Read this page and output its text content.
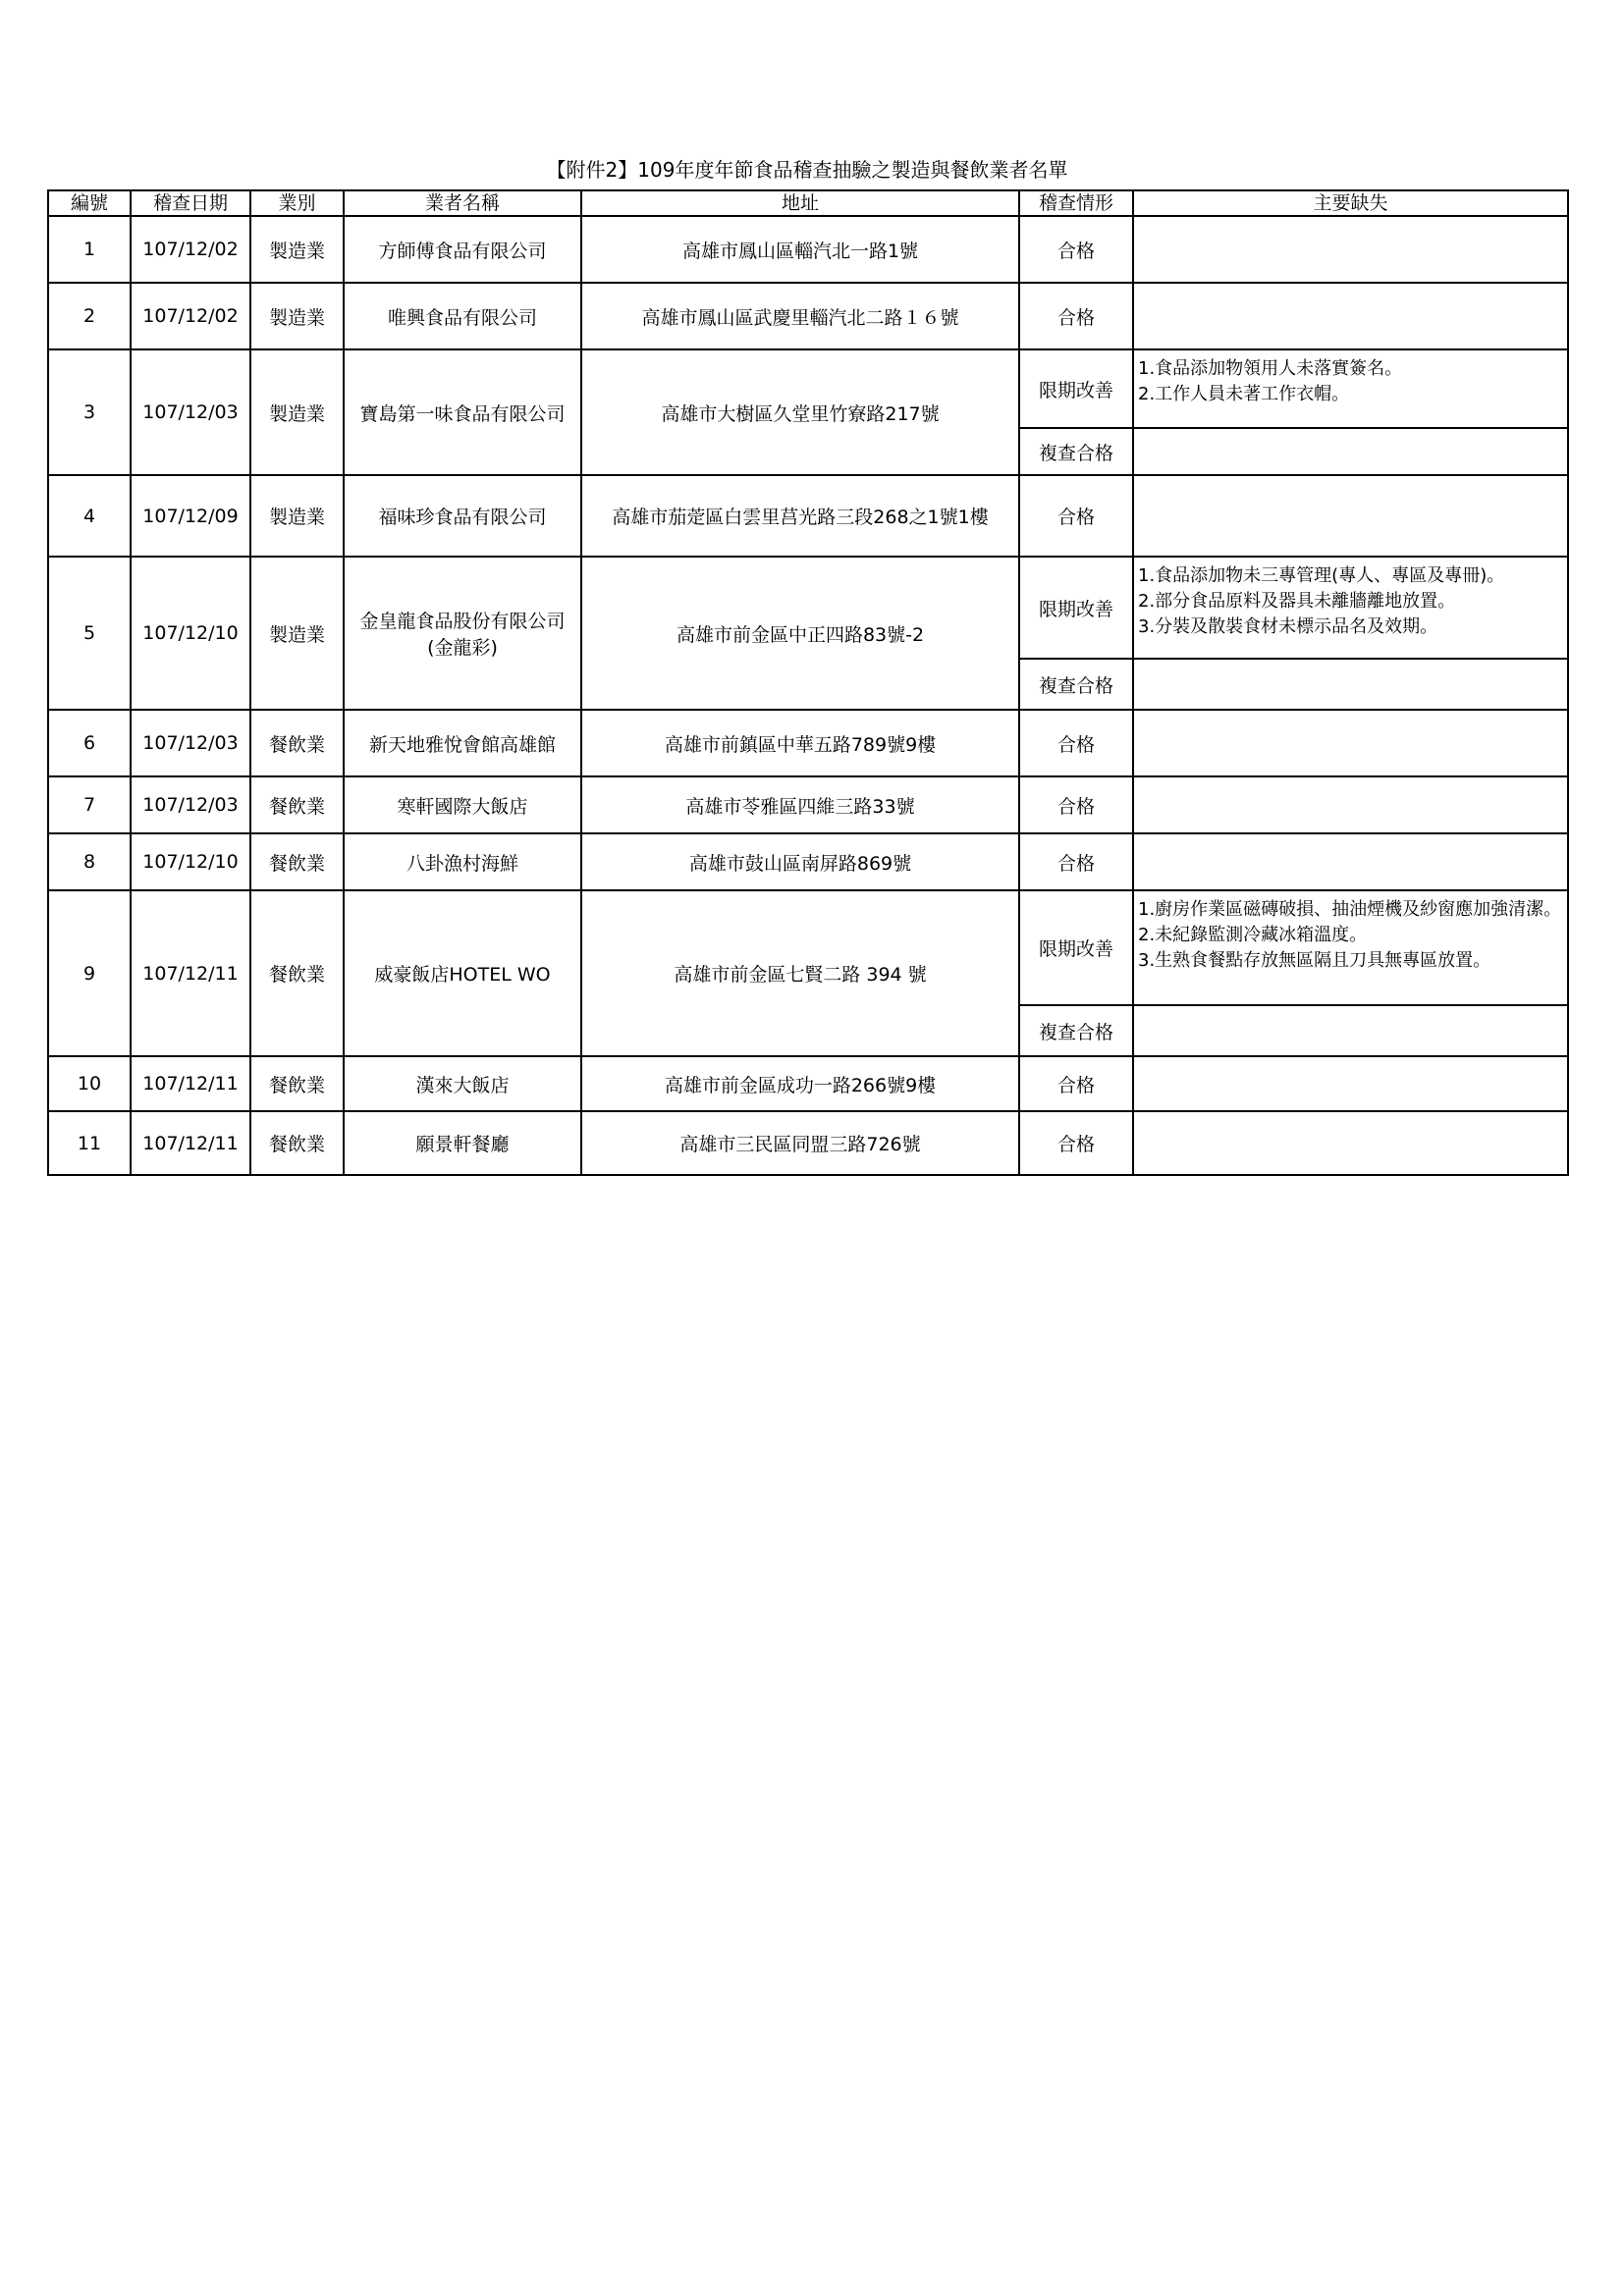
【附件2】109年度年節食品稽查抽驗之製造與餐飲業者名單
編號	稽查日期	業別	業者名稱	地址	稽查情形	主要缺失
1	107/12/02	製造業	方師傅食品有限公司	高雄市鳳山區輜汽北一路1號	合格	
2	107/12/02	製造業	唯興食品有限公司	高雄市鳳山區武慶里輜汽北二路１６號	合格	
3	107/12/03	製造業	寶島第一味食品有限公司	高雄市大樹區久堂里竹寮路217號	限期改善	1.食品添加物領用人未落實簽名。
2.工作人員未著工作衣帽。

					複查合格	
4	107/12/09	製造業	福味珍食品有限公司	高雄市茄萣區白雲里莒光路三段268之1號1樓	合格	
5	107/12/10	製造業	金皇龍食品股份有限公司
(金龍彩)	高雄市前金區中正四路83號-2	限期改善	1.食品添加物未三專管理(專人、專區及專冊)。
2.部分食品原料及器具未離牆離地放置。
3.分裝及散裝食材未標示品名及效期。

					複查合格	
6	107/12/03	餐飲業	新天地雅悅會館高雄館	高雄市前鎮區中華五路789號9樓	合格	
7	107/12/03	餐飲業	寒軒國際大飯店	高雄市苓雅區四維三路33號	合格	
8	107/12/10	餐飲業	八卦漁村海鮮	高雄市鼓山區南屏路869號	合格	
9	107/12/11	餐飲業	威豪飯店HOTEL WO	高雄市前金區七賢二路 394 號	限期改善	1.廚房作業區磁磚破損、抽油煙機及紗窗應加強清潔。
2.未紀錄監測冷藏冰箱溫度。
3.生熟食餐點存放無區隔且刀具無專區放置。

					複查合格	
10	107/12/11	餐飲業	漢來大飯店	高雄市前金區成功一路266號9樓	合格	
11	107/12/11	餐飲業	願景軒餐廳	高雄市三民區同盟三路726號	合格	
